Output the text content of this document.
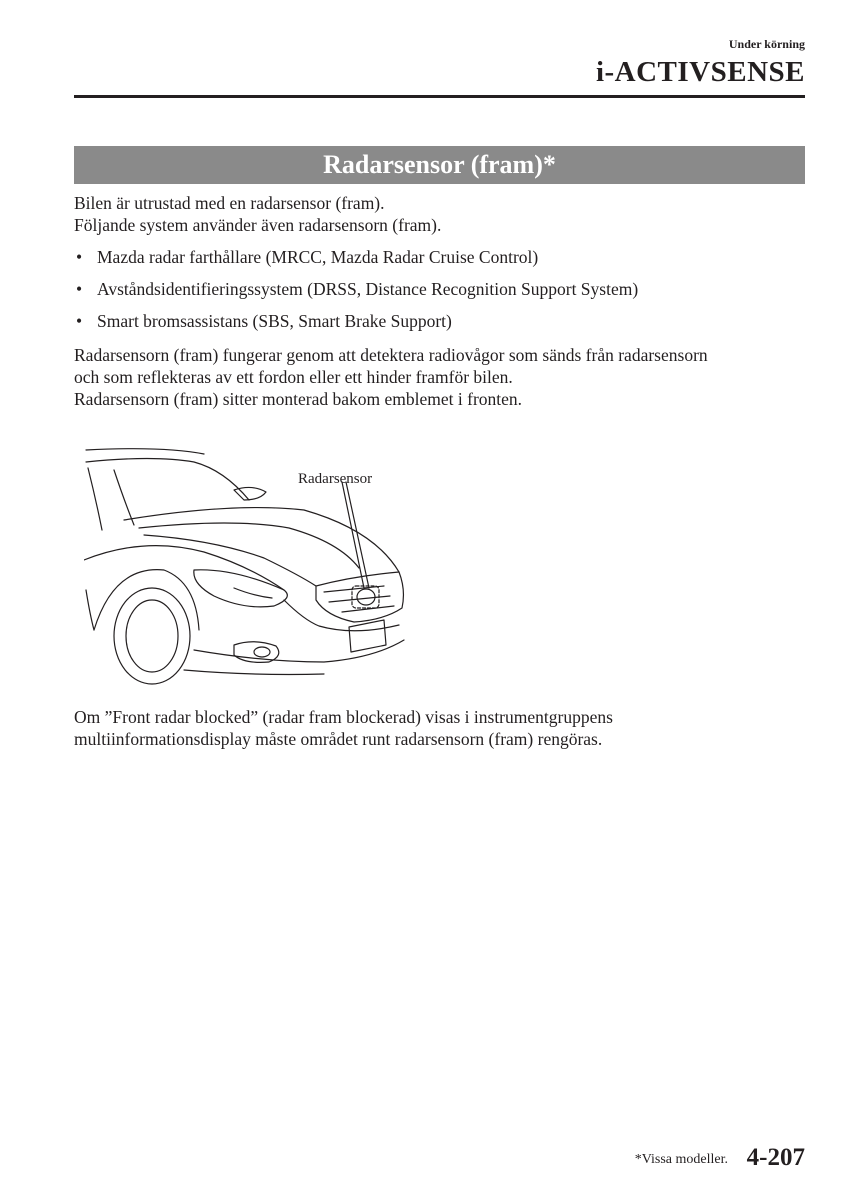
Under körning
i-ACTIVSENSE
Radarsensor (fram)*

Bilen är utrustad med en radarsensor (fram).
Följande system använder även radarsensorn (fram).

• Mazda radar farthållare (MRCC, Mazda Radar Cruise Control)
• Avståndsidentifieringssystem (DRSS, Distance Recognition Support System)
• Smart bromsassistans (SBS, Smart Brake Support)

Radarsensorn (fram) fungerar genom att detektera radiovågor som sänds från radarsensorn
och som reflekteras av ett fordon eller ett hinder framför bilen.
Radarsensorn (fram) sitter monterad bakom emblemet i fronten.

Radarsensor

Om ”Front radar blocked” (radar fram blockerad) visas i instrumentgruppens
multiinformationsdisplay måste området runt radarsensorn (fram) rengöras.

*Vissa modeller. 4-207
